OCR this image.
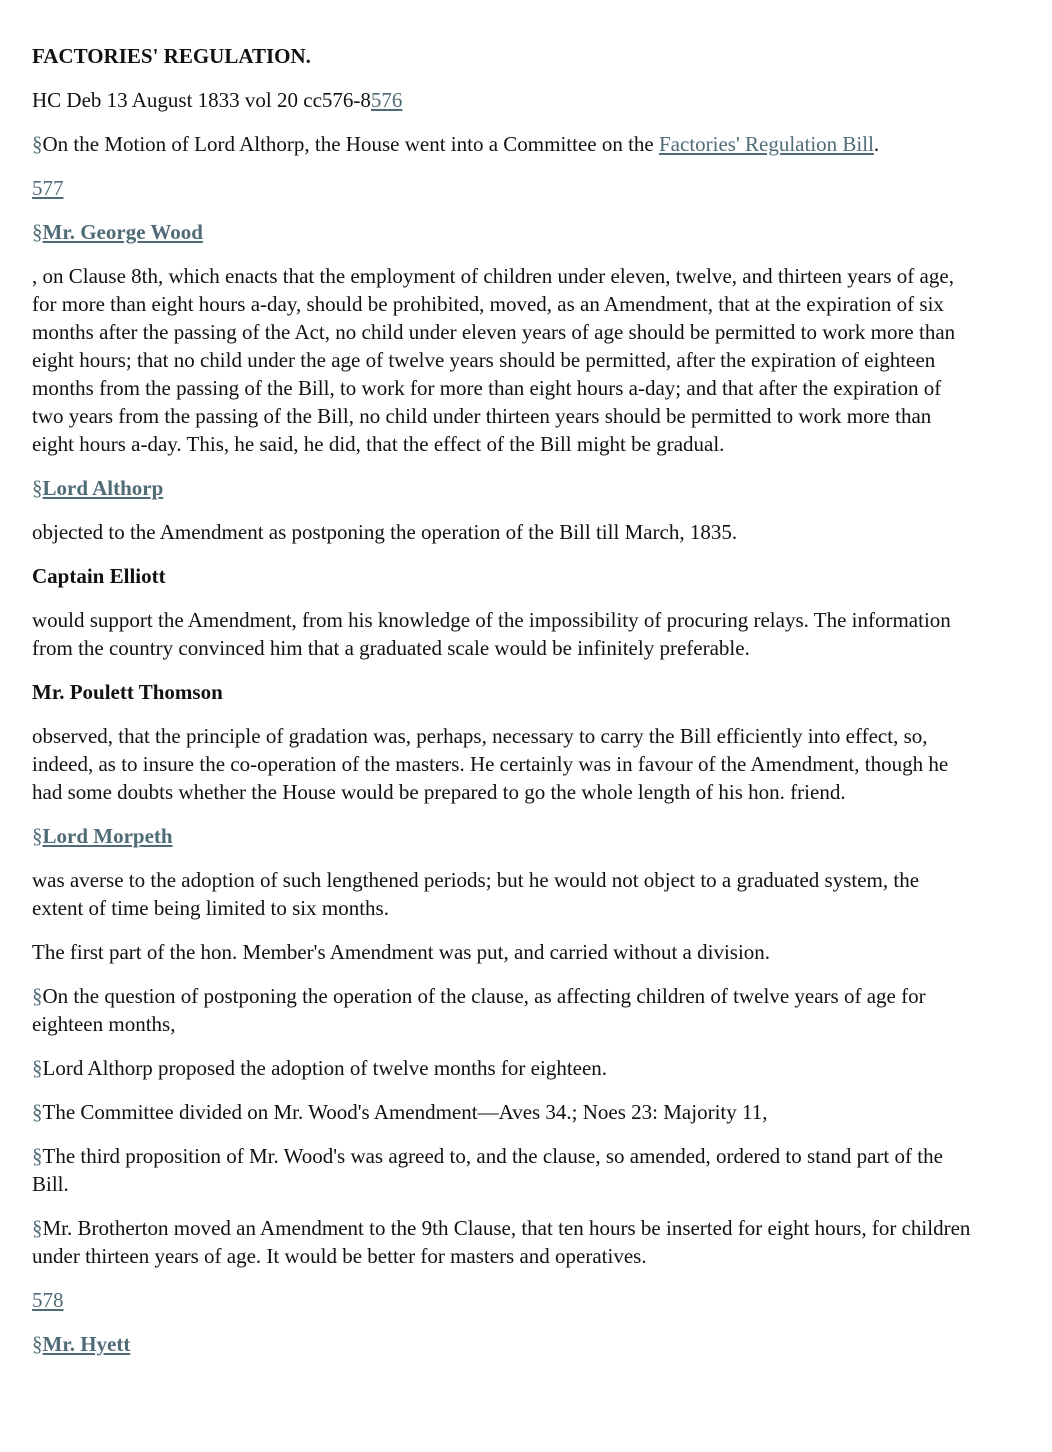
FACTORIES' REGULATION.

HC Deb 13 August 1833 vol 20 cc576-8576

§On the Motion of Lord Althorp, the House went into a Committee on the Factories' Regulation Bill.

577

§Mr. George Wood

, on Clause 8th, which enacts that the employment of children under eleven, twelve, and thirteen years of age, for more than eight hours a-day, should be prohibited, moved, as an Amendment, that at the expiration of six months after the passing of the Act, no child under eleven years of age should be permitted to work more than eight hours; that no child under the age of twelve years should be permitted, after the expiration of eighteen months from the passing of the Bill, to work for more than eight hours a-day; and that after the expiration of two years from the passing of the Bill, no child under thirteen years should be permitted to work more than eight hours a-day. This, he said, he did, that the effect of the Bill might be gradual.

§Lord Althorp

objected to the Amendment as postponing the operation of the Bill till March, 1835.

Captain Elliott

would support the Amendment, from his knowledge of the impossibility of procuring relays. The information from the country convinced him that a graduated scale would be infinitely preferable.

Mr. Poulett Thomson

observed, that the principle of gradation was, perhaps, necessary to carry the Bill efficiently into effect, so, indeed, as to insure the co-operation of the masters. He certainly was in favour of the Amendment, though he had some doubts whether the House would be prepared to go the whole length of his hon. friend.

§Lord Morpeth

was averse to the adoption of such lengthened periods; but he would not object to a graduated system, the extent of time being limited to six months.

The first part of the hon. Member's Amendment was put, and carried without a division.

§On the question of postponing the operation of the clause, as affecting children of twelve years of age for eighteen months,

§Lord Althorp proposed the adoption of twelve months for eighteen.

§The Committee divided on Mr. Wood's Amendment—Aves 34.; Noes 23: Majority 11,

§The third proposition of Mr. Wood's was agreed to, and the clause, so amended, ordered to stand part of the Bill.

§Mr. Brotherton moved an Amendment to the 9th Clause, that ten hours be inserted for eight hours, for children under thirteen years of age. It would be better for masters and operatives.

578

§Mr. Hyett
